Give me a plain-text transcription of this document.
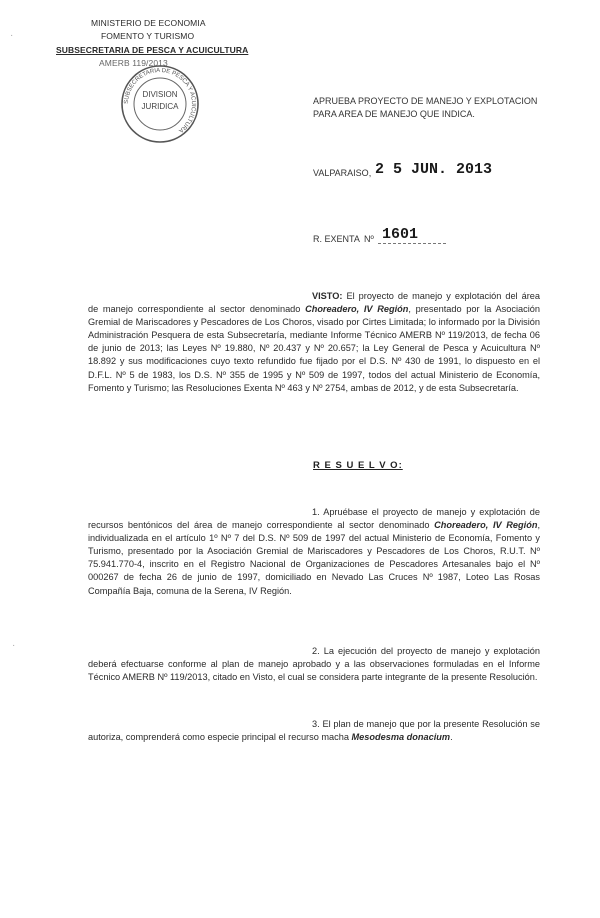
MINISTERIO DE ECONOMIA
FOMENTO Y TURISMO
SUBSECRETARIA DE PESCA Y ACUICULTURA
AMERB 119/2013
SUBSECRETARIA DE PESCA Y ACUICULTURA
DIVISION
JURIDICA
·
·
APRUEBA PROYECTO DE MANEJO Y EXPLOTACION
PARA AREA DE MANEJO QUE INDICA.
VALPARAISO, 2 5 JUN. 2013
R. EXENTA Nº 1601
VISTO: El proyecto de manejo y explotación del área de manejo correspondiente al sector denominado Choreadero, IV Región, presentado por la Asociación Gremial de Mariscadores y Pescadores de Los Choros, visado por Cirtes Limitada; lo informado por la División Administración Pesquera de esta Subsecretaría, mediante Informe Técnico AMERB Nº 119/2013, de fecha 06 de junio de 2013; las Leyes Nº 19.880, Nº 20.437 y Nº 20.657; la Ley General de Pesca y Acuicultura Nº 18.892 y sus modificaciones cuyo texto refundido fue fijado por el D.S. Nº 430 de 1991, lo dispuesto en el D.F.L. Nº 5 de 1983, los D.S. Nº 355 de 1995 y Nº 509 de 1997, todos del actual Ministerio de Economía, Fomento y Turismo; las Resoluciones Exenta Nº 463 y Nº 2754, ambas de 2012, y de esta Subsecretaría.
R E S U E L V O:
1. Apruébase el proyecto de manejo y explotación de recursos bentónicos del área de manejo correspondiente al sector denominado Choreadero, IV Región, individualizada en el artículo 1º Nº 7 del D.S. Nº 509 de 1997 del actual Ministerio de Economía, Fomento y Turismo, presentado por la Asociación Gremial de Mariscadores y Pescadores de Los Choros, R.U.T. Nº 75.941.770-4, inscrito en el Registro Nacional de Organizaciones de Pescadores Artesanales bajo el Nº 000267 de fecha 26 de junio de 1997, domiciliado en Nevado Las Cruces Nº 1987, Loteo Las Rosas Compañía Baja, comuna de la Serena, IV Región.
2. La ejecución del proyecto de manejo y explotación deberá efectuarse conforme al plan de manejo aprobado y a las observaciones formuladas en el Informe Técnico AMERB Nº 119/2013, citado en Visto, el cual se considera parte integrante de la presente Resolución.
3. El plan de manejo que por la presente Resolución se autoriza, comprenderá como especie principal el recurso macha Mesodesma donacium.
